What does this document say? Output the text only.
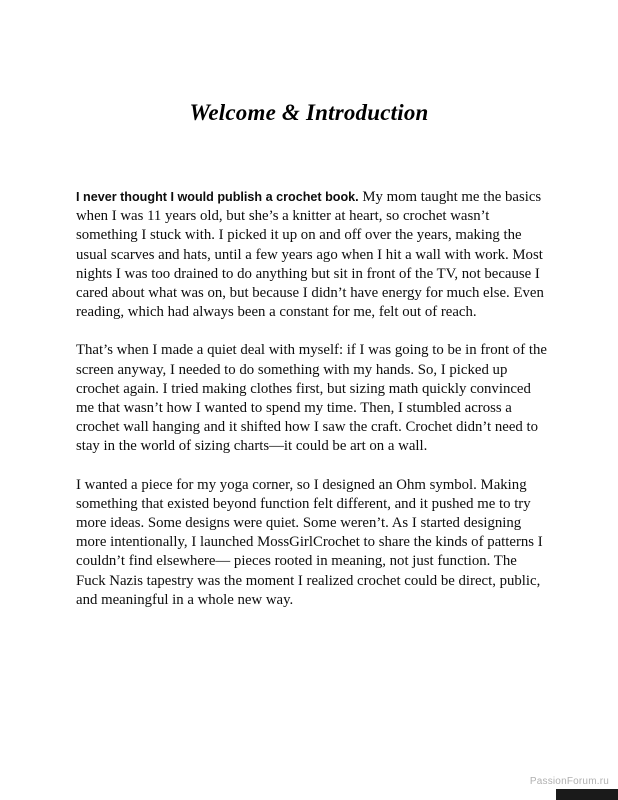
Welcome & Introduction

I never thought I would publish a crochet book. My mom taught me the basics when I was 11 years old, but she’s a knitter at heart, so crochet wasn’t something I stuck with. I picked it up on and off over the years, making the usual scarves and hats, until a few years ago when I hit a wall with work. Most nights I was too drained to do anything but sit in front of the TV, not because I cared about what was on, but because I didn’t have energy for much else. Even reading, which had always been a constant for me, felt out of reach.

That’s when I made a quiet deal with myself: if I was going to be in front of the screen anyway, I needed to do something with my hands. So, I picked up crochet again. I tried making clothes first, but sizing math quickly convinced me that wasn’t how I wanted to spend my time. Then, I stumbled across a crochet wall hanging and it shifted how I saw the craft. Crochet didn’t need to stay in the world of sizing charts—it could be art on a wall.

I wanted a piece for my yoga corner, so I designed an Ohm symbol. Making something that existed beyond function felt different, and it pushed me to try more ideas. Some designs were quiet. Some weren’t. As I started designing more intentionally, I launched MossGirlCrochet to share the kinds of patterns I couldn’t find elsewhere— pieces rooted in meaning, not just function. The Fuck Nazis tapestry was the moment I realized crochet could be direct, public, and meaningful in a whole new way.

PassionForum.ru
